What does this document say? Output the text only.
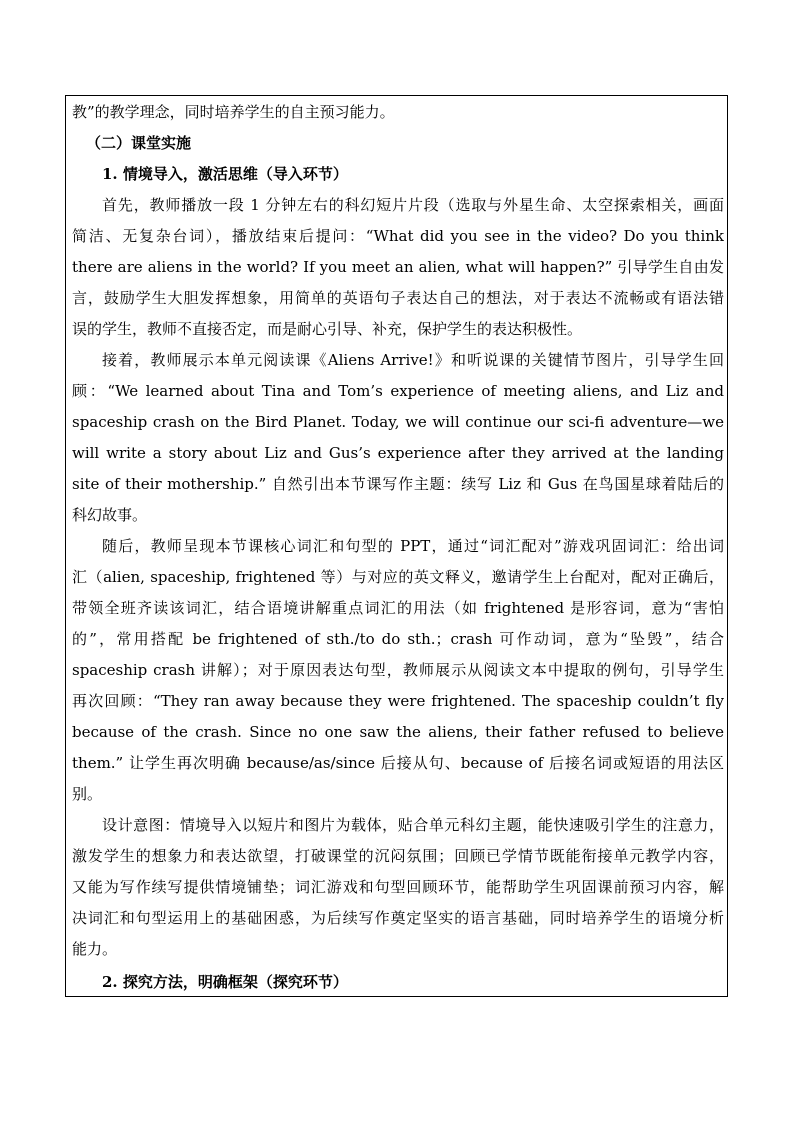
教”的教学理念，同时培养学生的自主预习能力。
（二）课堂实施
1. 情境导入，激活思维（导入环节）
首先，教师播放一段 1 分钟左右的科幻短片片段（选取与外星生命、太空探索相关，画面
简洁、无复杂台词），播放结束后提问：“What did you see in the video? Do you think
there are aliens in the world? If you meet an alien, what will happen?” 引导学生自由发
言，鼓励学生大胆发挥想象，用简单的英语句子表达自己的想法，对于表达不流畅或有语法错
误的学生，教师不直接否定，而是耐心引导、补充，保护学生的表达积极性。
接着，教师展示本单元阅读课《Aliens Arrive!》和听说课的关键情节图片，引导学生回
顾：“We learned about Tina and Tom’s experience of meeting aliens, and Liz and
spaceship crash on the Bird Planet. Today, we will continue our sci-fi adventure—we
will write a story about Liz and Gus’s experience after they arrived at the landing
site of their mothership.” 自然引出本节课写作主题：续写 Liz 和 Gus 在鸟国星球着陆后的
科幻故事。
随后，教师呈现本节课核心词汇和句型的 PPT，通过“词汇配对”游戏巩固词汇：给出词
汇（alien, spaceship, frightened 等）与对应的英文释义，邀请学生上台配对，配对正确后，
带领全班齐读该词汇，结合语境讲解重点词汇的用法（如 frightened 是形容词，意为“害怕
的”，常用搭配 be frightened of sth./to do sth.；crash 可作动词，意为“坠毁”，结合
spaceship crash 讲解）；对于原因表达句型，教师展示从阅读文本中提取的例句，引导学生
再次回顾：“They ran away because they were frightened. The spaceship couldn’t fly
because of the crash. Since no one saw the aliens, their father refused to believe
them.” 让学生再次明确 because/as/since 后接从句、because of 后接名词或短语的用法区
别。
设计意图：情境导入以短片和图片为载体，贴合单元科幻主题，能快速吸引学生的注意力，
激发学生的想象力和表达欲望，打破课堂的沉闷氛围；回顾已学情节既能衔接单元教学内容，
又能为写作续写提供情境铺垫；词汇游戏和句型回顾环节，能帮助学生巩固课前预习内容，解
决词汇和句型运用上的基础困惑，为后续写作奠定坚实的语言基础，同时培养学生的语境分析
能力。
2. 探究方法，明确框架（探究环节）
